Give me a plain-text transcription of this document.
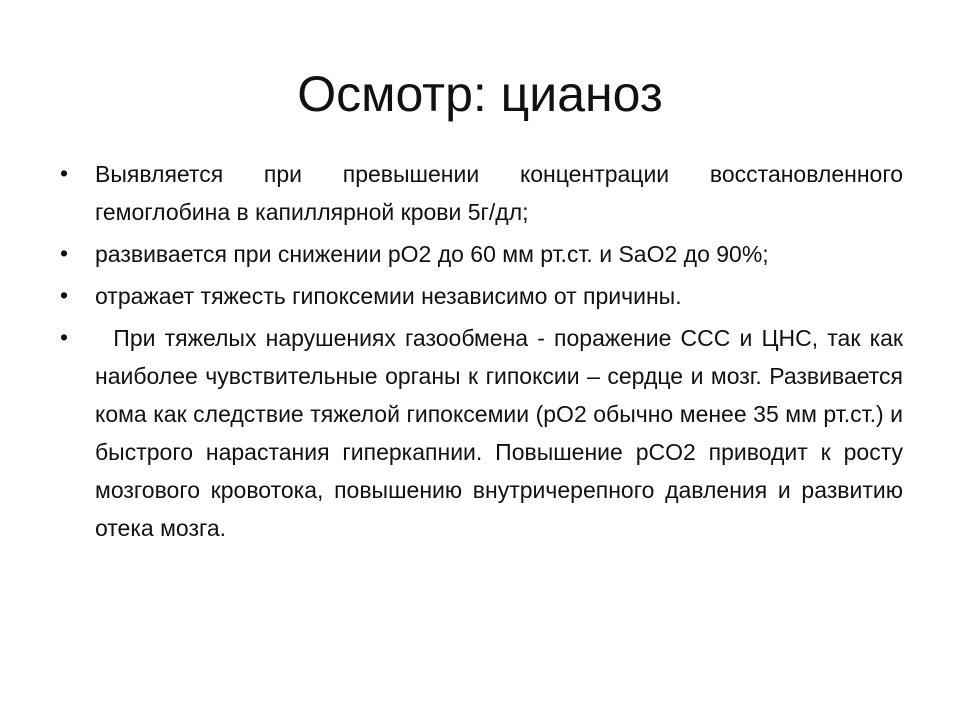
Осмотр: цианоз
• Выявляется при превышении концентрации восстановленного гемоглобина в капиллярной крови 5г/дл;
• развивается при снижении pO2 до 60 мм рт.ст. и SaO2 до 90%;
• отражает тяжесть гипоксемии независимо от причины.
• При тяжелых нарушениях газообмена - поражение ССС и ЦНС, так как наиболее чувствительные органы к гипоксии – сердце и мозг. Развивается кома как следствие тяжелой гипоксемии (pO2 обычно менее 35 мм рт.ст.) и быстрого нарастания гиперкапнии. Повышение pCO2 приводит к росту мозгового кровотока, повышению внутричерепного давления и развитию отека мозга.
